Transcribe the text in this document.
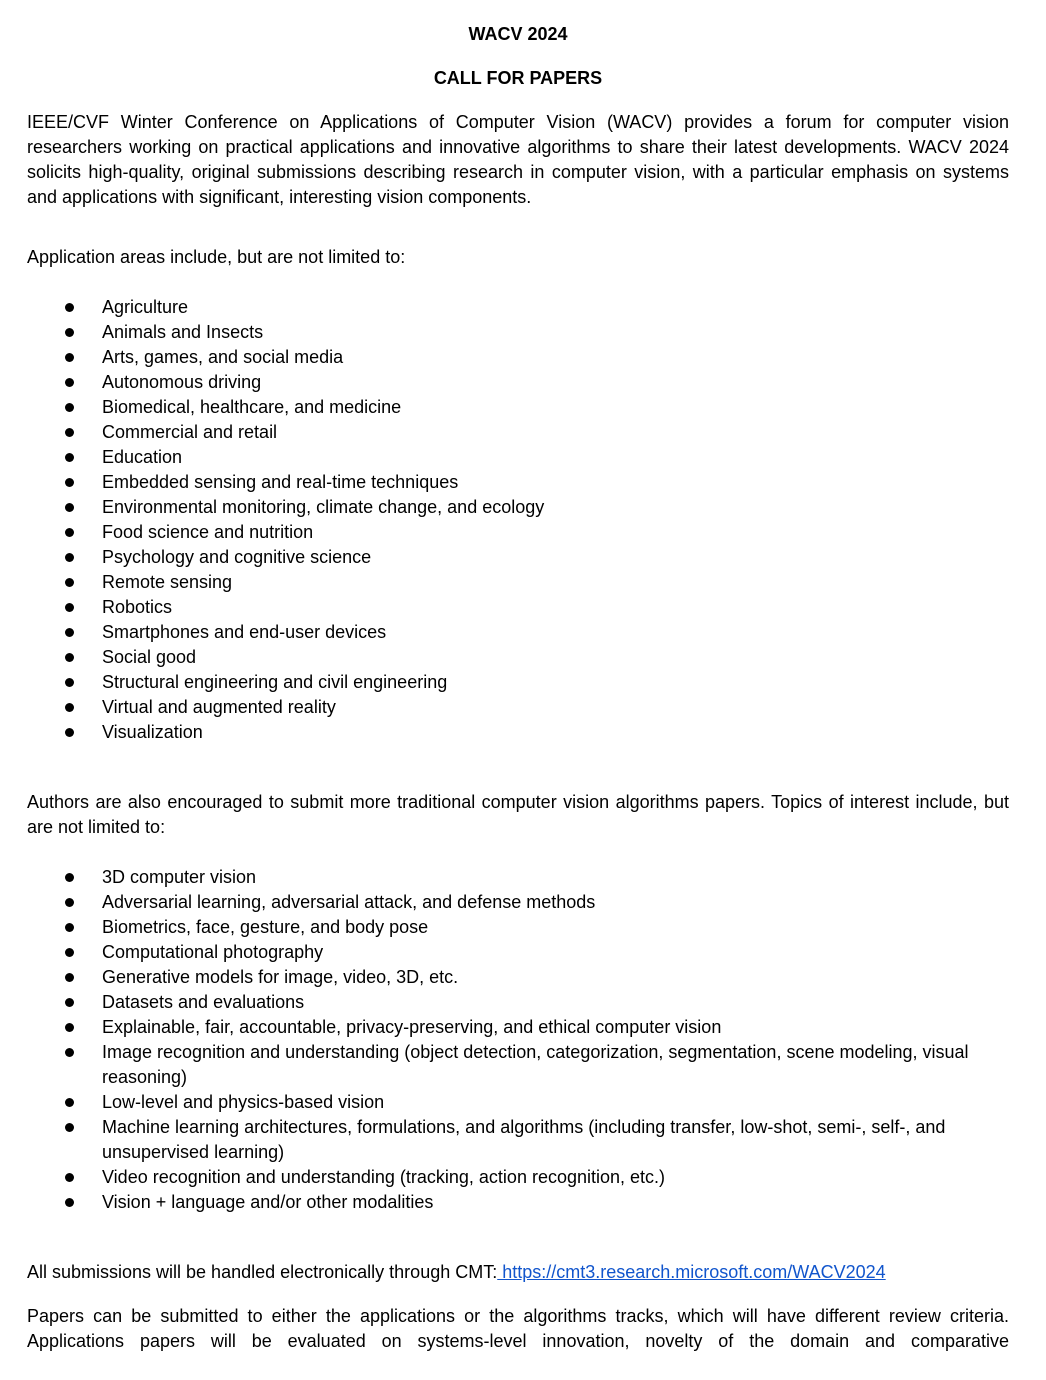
WACV 2024
CALL FOR PAPERS

IEEE/CVF Winter Conference on Applications of Computer Vision (WACV) provides a forum for computer vision researchers working on practical applications and innovative algorithms to share their latest developments. WACV 2024 solicits high-quality, original submissions describing research in computer vision, with a particular emphasis on systems and applications with significant, interesting vision components.

Application areas include, but are not limited to:

Agriculture
Animals and Insects
Arts, games, and social media
Autonomous driving
Biomedical, healthcare, and medicine
Commercial and retail
Education
Embedded sensing and real-time techniques
Environmental monitoring, climate change, and ecology
Food science and nutrition
Psychology and cognitive science
Remote sensing
Robotics
Smartphones and end-user devices
Social good
Structural engineering and civil engineering
Virtual and augmented reality
Visualization

Authors are also encouraged to submit more traditional computer vision algorithms papers. Topics of interest include, but are not limited to:

3D computer vision
Adversarial learning, adversarial attack, and defense methods
Biometrics, face, gesture, and body pose
Computational photography
Generative models for image, video, 3D, etc.
Datasets and evaluations
Explainable, fair, accountable, privacy-preserving, and ethical computer vision
Image recognition and understanding (object detection, categorization, segmentation, scene modeling, visual reasoning)
Low-level and physics-based vision
Machine learning architectures, formulations, and algorithms (including transfer, low-shot, semi-, self-, and unsupervised learning)
Video recognition and understanding (tracking, action recognition, etc.)
Vision + language and/or other modalities

All submissions will be handled electronically through CMT: https://cmt3.research.microsoft.com/WACV2024

Papers can be submitted to either the applications or the algorithms tracks, which will have different review criteria.

Applications papers will be evaluated on systems-level innovation, novelty of the domain and comparative
